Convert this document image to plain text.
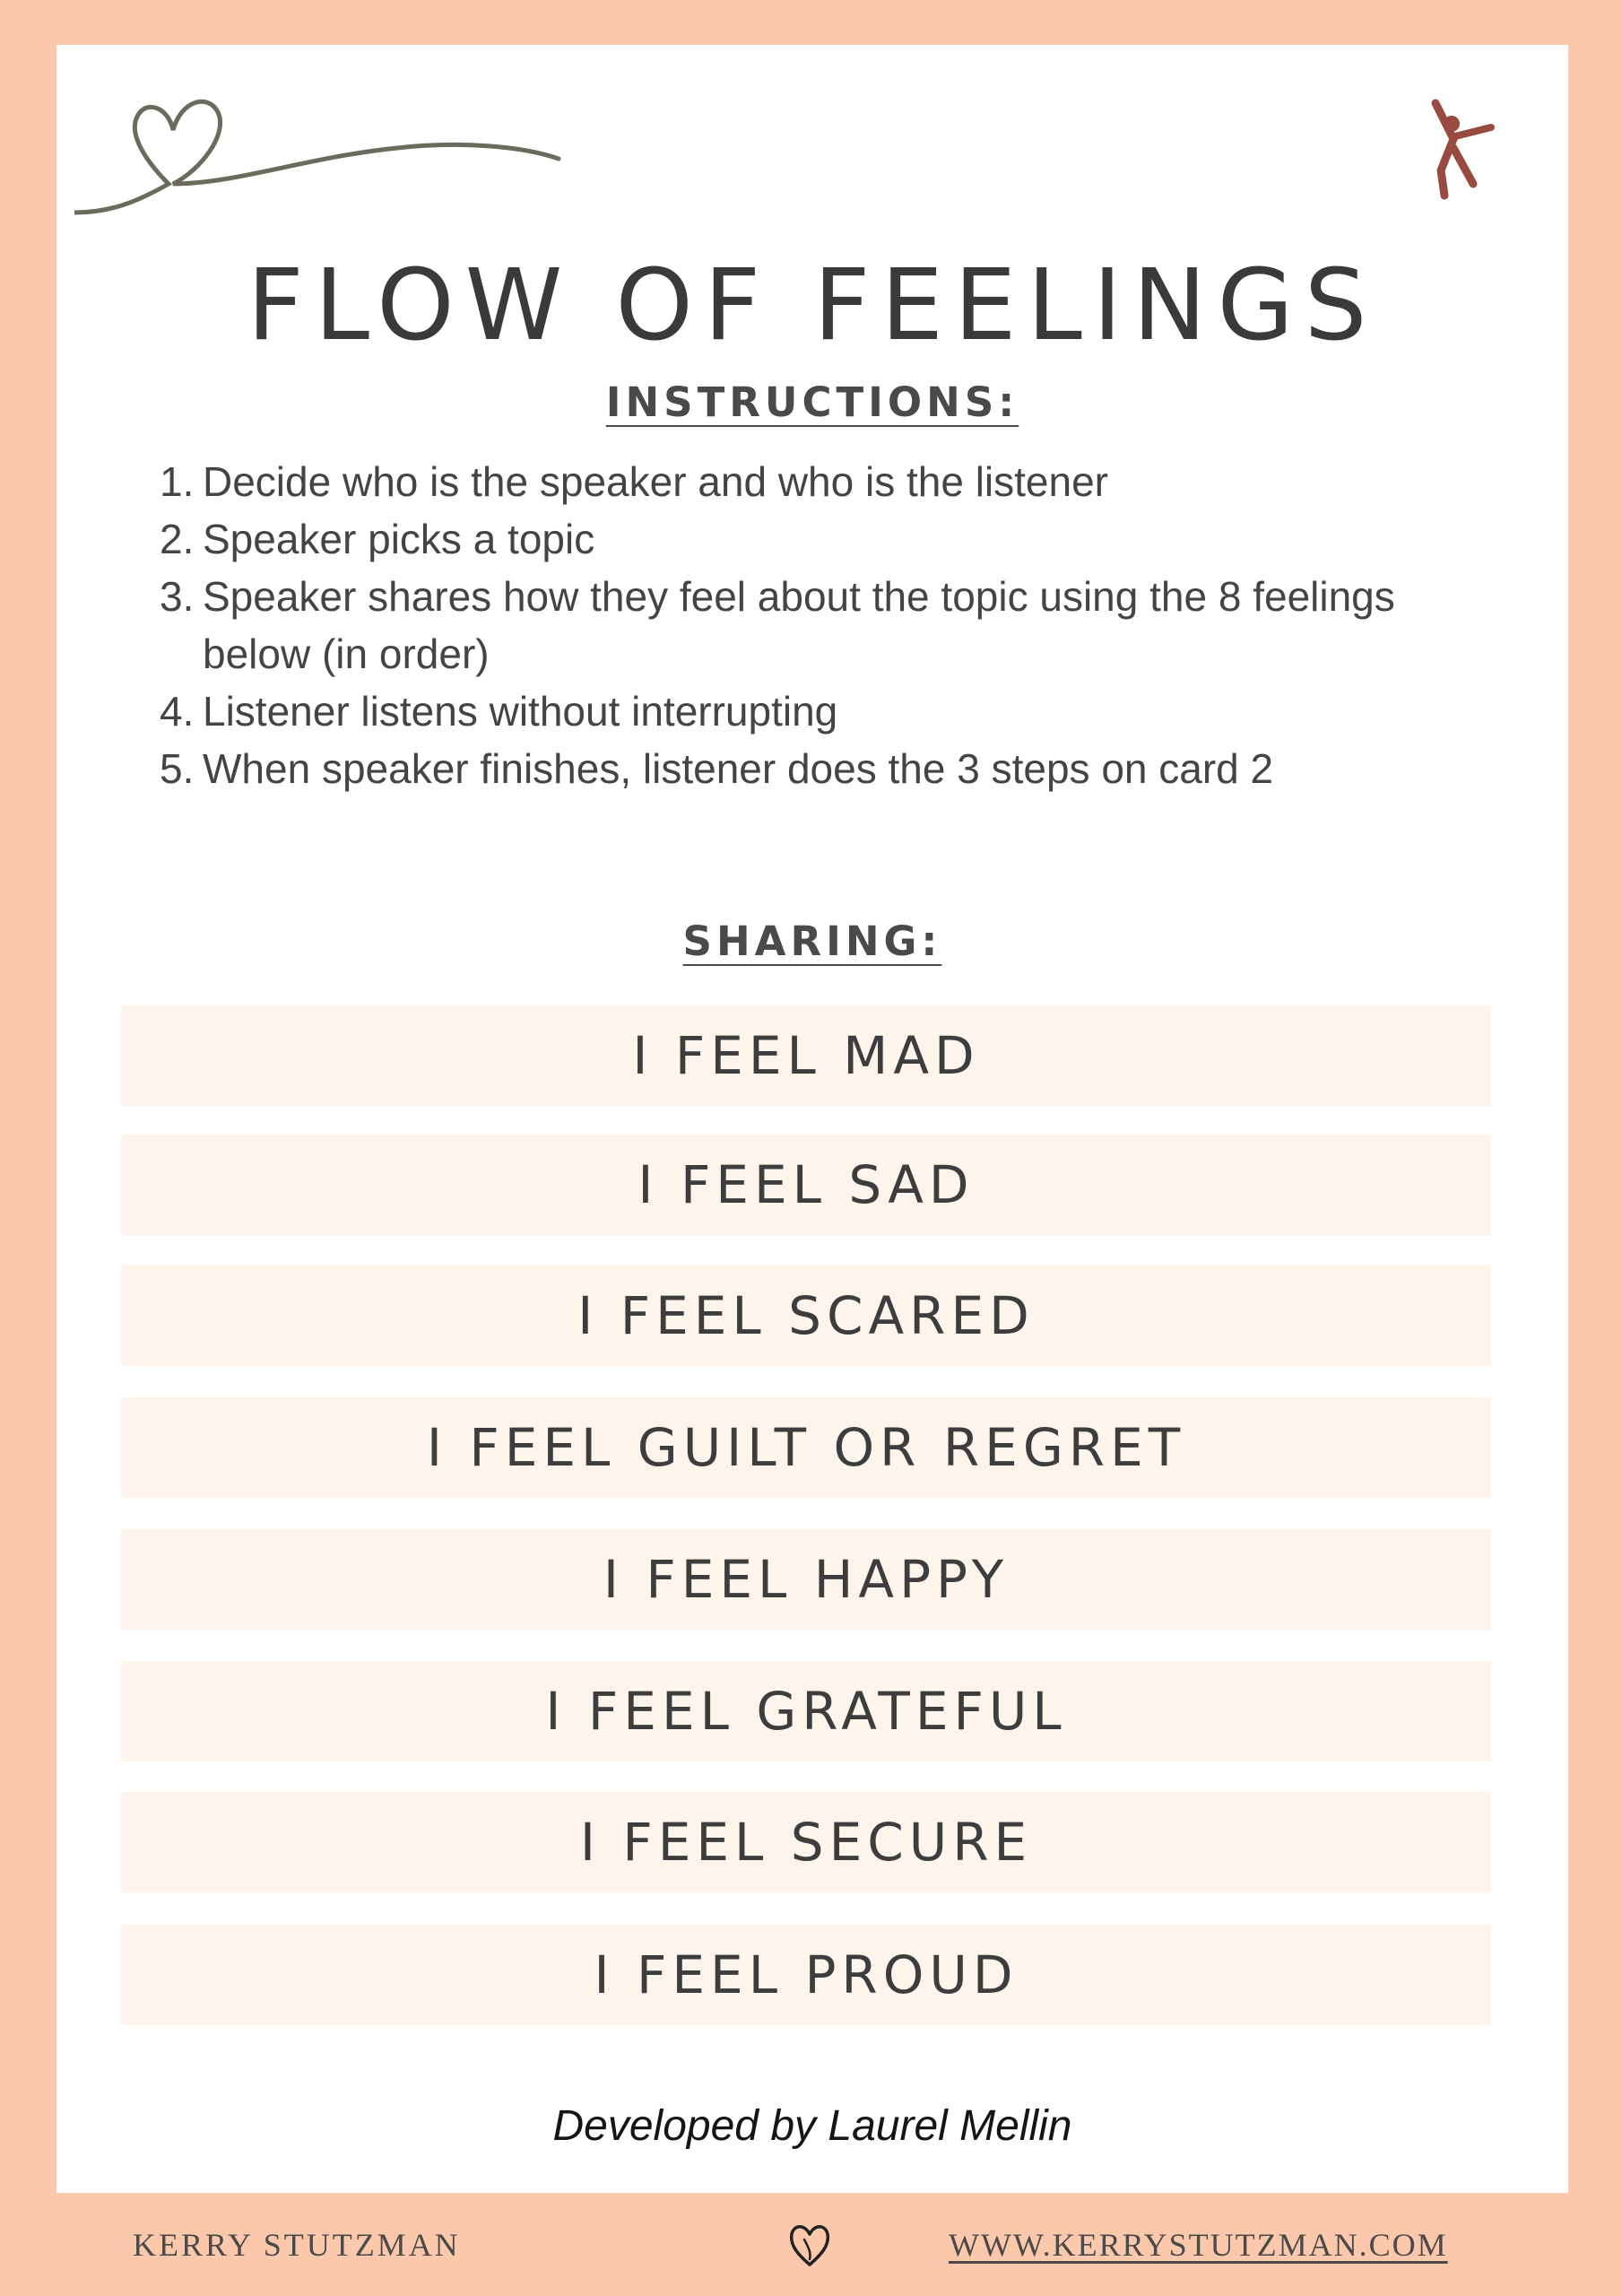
FLOW OF FEELINGS
INSTRUCTIONS:
1. Decide who is the speaker and who is the listener
2. Speaker picks a topic
3. Speaker shares how they feel about the topic using the 8 feelings below (in order)
4. Listener listens without interrupting
5. When speaker finishes, listener does the 3 steps on card 2
SHARING:
I FEEL MAD
I FEEL SAD
I FEEL SCARED
I FEEL GUILT OR REGRET
I FEEL HAPPY
I FEEL GRATEFUL
I FEEL SECURE
I FEEL PROUD
Developed by Laurel Mellin
KERRY STUTZMAN	WWW.KERRYSTUTZMAN.COM
